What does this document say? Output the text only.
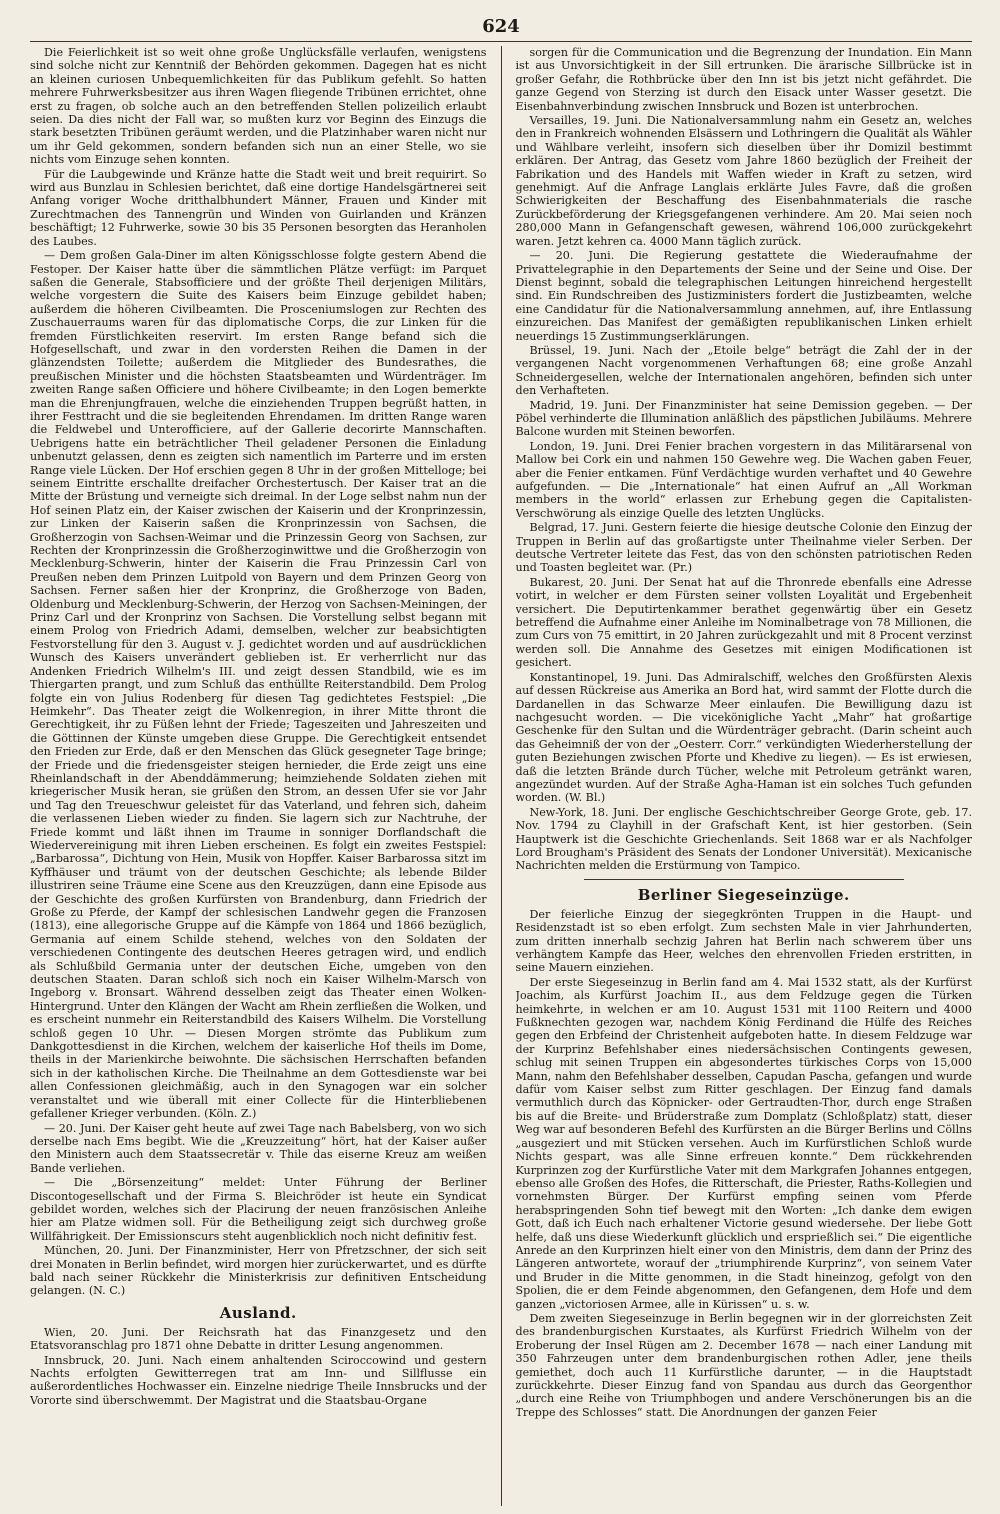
624

Die Feierlichkeit ist so weit ohne große Unglücksfälle verlaufen, wenigstens sind solche nicht zur Kenntniß der Behörden gekommen. Dagegen hat es nicht an kleinen curiosen Unbequemlichkeiten für das Publikum gefehlt. So hatten mehrere Fuhrwerksbesitzer aus ihren Wagen fliegende Tribünen errichtet, ohne erst zu fragen, ob solche auch an den betreffenden Stellen polizeilich erlaubt seien. Da dies nicht der Fall war, so mußten kurz vor Beginn des Einzugs die stark besetzten Tribünen geräumt werden, und die Platzinhaber waren nicht nur um ihr Geld gekommen, sondern befanden sich nun an einer Stelle, wo sie nichts vom Einzuge sehen konnten.

Für die Laubgewinde und Kränze hatte die Stadt weit und breit requirirt. So wird aus Bunzlau in Schlesien berichtet, daß eine dortige Handelsgärtnerei seit Anfang voriger Woche dritthalbhundert Männer, Frauen und Kinder mit Zurechtmachen des Tannengrün und Winden von Guirlanden und Kränzen beschäftigt; 12 Fuhrwerke, sowie 30 bis 35 Personen besorgten das Heranholen des Laubes.

— Dem großen Gala-Diner im alten Königsschlosse folgte gestern Abend die Festoper. Der Kaiser hatte über die sämmtlichen Plätze verfügt: im Parquet saßen die Generale, Stabsofficiere und der größte Theil derjenigen Militärs, welche vorgestern die Suite des Kaisers beim Einzuge gebildet haben; außerdem die höheren Civilbeamten. Die Prosceniumslogen zur Rechten des Zuschauerraums waren für das diplomatische Corps, die zur Linken für die fremden Fürstlichkeiten reservirt. Im ersten Range befand sich die Hofgesellschaft, und zwar in den vordersten Reihen die Damen in der glänzendsten Toilette; außerdem die Mitglieder des Bundesrathes, die preußischen Minister und die höchsten Staatsbeamten und Würdenträger. Im zweiten Range saßen Officiere und höhere Civilbeamte; in den Logen bemerkte man die Ehrenjungfrauen, welche die einziehenden Truppen begrüßt hatten, in ihrer Festtracht und die sie begleitenden Ehrendamen. Im dritten Range waren die Feldwebel und Unterofficiere, auf der Gallerie decorirte Mannschaften. Uebrigens hatte ein beträchtlicher Theil geladener Personen die Einladung unbenutzt gelassen, denn es zeigten sich namentlich im Parterre und im ersten Range viele Lücken. Der Hof erschien gegen 8 Uhr in der großen Mittelloge; bei seinem Eintritte erschallte dreifacher Orchestertusch. Der Kaiser trat an die Mitte der Brüstung und verneigte sich dreimal. In der Loge selbst nahm nun der Hof seinen Platz ein, der Kaiser zwischen der Kaiserin und der Kronprinzessin, zur Linken der Kaiserin saßen die Kronprinzessin von Sachsen, die Großherzogin von Sachsen-Weimar und die Prinzessin Georg von Sachsen, zur Rechten der Kronprinzessin die Großherzoginwittwe und die Großherzogin von Mecklenburg-Schwerin, hinter der Kaiserin die Frau Prinzessin Carl von Preußen neben dem Prinzen Luitpold von Bayern und dem Prinzen Georg von Sachsen. Ferner saßen hier der Kronprinz, die Großherzoge von Baden, Oldenburg und Mecklenburg-Schwerin, der Herzog von Sachsen-Meiningen, der Prinz Carl und der Kronprinz von Sachsen. Die Vorstellung selbst begann mit einem Prolog von Friedrich Adami, demselben, welcher zur beabsichtigten Festvorstellung für den 3. August v. J. gedichtet worden und auf ausdrücklichen Wunsch des Kaisers unverändert geblieben ist. Er verherrlicht nur das Andenken Friedrich Wilhelm's III. und zeigt dessen Standbild, wie es im Thiergarten prangt, und zum Schluß das enthüllte Reiterstandbild. Dem Prolog folgte ein von Julius Rodenberg für diesen Tag gedichtetes Festspiel: „Die Heimkehr“. Das Theater zeigt die Wolkenregion, in ihrer Mitte thront die Gerechtigkeit, ihr zu Füßen lehnt der Friede; Tageszeiten und Jahreszeiten und die Göttinnen der Künste umgeben diese Gruppe. Die Gerechtigkeit entsendet den Frieden zur Erde, daß er den Menschen das Glück gesegneter Tage bringe; der Friede und die friedensgeister steigen hernieder, die Erde zeigt uns eine Rheinlandschaft in der Abenddämmerung; heimziehende Soldaten ziehen mit kriegerischer Musik heran, sie grüßen den Strom, an dessen Ufer sie vor Jahr und Tag den Treueschwur geleistet für das Vaterland, und fehren sich, daheim die verlassenen Lieben wieder zu finden. Sie lagern sich zur Nachtruhe, der Friede kommt und läßt ihnen im Traume in sonniger Dorflandschaft die Wiedervereinigung mit ihren Lieben erscheinen. Es folgt ein zweites Festspiel: „Barbarossa“, Dichtung von Hein, Musik von Hopffer. Kaiser Barbarossa sitzt im Kyffhäuser und träumt von der deutschen Geschichte; als lebende Bilder illustriren seine Träume eine Scene aus den Kreuzzügen, dann eine Episode aus der Geschichte des großen Kurfürsten von Brandenburg, dann Friedrich der Große zu Pferde, der Kampf der schlesischen Landwehr gegen die Franzosen (1813), eine allegorische Gruppe auf die Kämpfe von 1864 und 1866 bezüglich, Germania auf einem Schilde stehend, welches von den Soldaten der verschiedenen Contingente des deutschen Heeres getragen wird, und endlich als Schlußbild Germania unter der deutschen Eiche, umgeben von den deutschen Staaten. Daran schloß sich noch ein Kaiser Wilhelm-Marsch von Ingeborg v. Bronsart. Während desselben zeigt das Theater einen Wolken-Hintergrund. Unter den Klängen der Wacht am Rhein zerfließen die Wolken, und es erscheint nunmehr ein Reiterstandbild des Kaisers Wilhelm. Die Vorstellung schloß gegen 10 Uhr. — Diesen Morgen strömte das Publikum zum Dankgottesdienst in die Kirchen, welchem der kaiserliche Hof theils im Dome, theils in der Marienkirche beiwohnte. Die sächsischen Herrschaften befanden sich in der katholischen Kirche. Die Theilnahme an dem Gottesdienste war bei allen Confessionen gleichmäßig, auch in den Synagogen war ein solcher veranstaltet und wie überall mit einer Collecte für die Hinterbliebenen gefallener Krieger verbunden. (Köln. Z.)

— 20. Juni. Der Kaiser geht heute auf zwei Tage nach Babelsberg, von wo sich derselbe nach Ems begibt. Wie die „Kreuzzeitung“ hört, hat der Kaiser außer den Ministern auch dem Staatssecretär v. Thile das eiserne Kreuz am weißen Bande verliehen.

— Die „Börsenzeitung“ meldet: Unter Führung der Berliner Discontogesellschaft und der Firma S. Bleichröder ist heute ein Syndicat gebildet worden, welches sich der Placirung der neuen französischen Anleihe hier am Platze widmen soll. Für die Betheiligung zeigt sich durchweg große Willfährigkeit. Der Emissionscurs steht augenblicklich noch nicht definitiv fest.

München, 20. Juni. Der Finanzminister, Herr von Pfretzschner, der sich seit drei Monaten in Berlin befindet, wird morgen hier zurückerwartet, und es dürfte bald nach seiner Rückkehr die Ministerkrisis zur definitiven Entscheidung gelangen. (N. C.)

Ausland.

Wien, 20. Juni. Der Reichsrath hat das Finanzgesetz und den Etatsvoranschlag pro 1871 ohne Debatte in dritter Lesung angenommen.

Innsbruck, 20. Juni. Nach einem anhaltenden Sciroccowind und gestern Nachts erfolgten Gewitterregen trat am Inn- und Sillflusse ein außerordentliches Hochwasser ein. Einzelne niedrige Theile Innsbrucks und der Vororte sind überschwemmt. Der Magistrat und die Staatsbau-Organe

sorgen für die Communication und die Begrenzung der Inundation. Ein Mann ist aus Unvorsichtigkeit in der Sill ertrunken. Die ärarische Sillbrücke ist in großer Gefahr, die Rothbrücke über den Inn ist bis jetzt nicht gefährdet. Die ganze Gegend von Sterzing ist durch den Eisack unter Wasser gesetzt. Die Eisenbahnverbindung zwischen Innsbruck und Bozen ist unterbrochen.

Versailles, 19. Juni. Die Nationalversammlung nahm ein Gesetz an, welches den in Frankreich wohnenden Elsässern und Lothringern die Qualität als Wähler und Wählbare verleiht, insofern sich dieselben über ihr Domizil bestimmt erklären. Der Antrag, das Gesetz vom Jahre 1860 bezüglich der Freiheit der Fabrikation und des Handels mit Waffen wieder in Kraft zu setzen, wird genehmigt. Auf die Anfrage Langlais erklärte Jules Favre, daß die großen Schwierigkeiten der Beschaffung des Eisenbahnmaterials die rasche Zurückbeförderung der Kriegsgefangenen verhindere. Am 20. Mai seien noch 280,000 Mann in Gefangenschaft gewesen, während 106,000 zurückgekehrt waren. Jetzt kehren ca. 4000 Mann täglich zurück.

— 20. Juni. Die Regierung gestattete die Wiederaufnahme der Privattelegraphie in den Departements der Seine und der Seine und Oise. Der Dienst beginnt, sobald die telegraphischen Leitungen hinreichend hergestellt sind. Ein Rundschreiben des Justizministers fordert die Justizbeamten, welche eine Candidatur für die Nationalversammlung annehmen, auf, ihre Entlassung einzureichen. Das Manifest der gemäßigten republikanischen Linken erhielt neuerdings 15 Zustimmungserklärungen.

Brüssel, 19. Juni. Nach der „Etoile belge“ beträgt die Zahl der in der vergangenen Nacht vorgenommenen Verhaftungen 68; eine große Anzahl Schneidergesellen, welche der Internationalen angehören, befinden sich unter den Verhafteten.

Madrid, 19. Juni. Der Finanzminister hat seine Demission gegeben. — Der Pöbel verhinderte die Illumination anläßlich des päpstlichen Jubiläums. Mehrere Balcone wurden mit Steinen beworfen.

London, 19. Juni. Drei Fenier brachen vorgestern in das Militärarsenal von Mallow bei Cork ein und nahmen 150 Gewehre weg. Die Wachen gaben Feuer, aber die Fenier entkamen. Fünf Verdächtige wurden verhaftet und 40 Gewehre aufgefunden. — Die „Internationale“ hat einen Aufruf an „All Workman members in the world“ erlassen zur Erhebung gegen die Capitalisten-Verschwörung als einzige Quelle des letzten Unglücks.

Belgrad, 17. Juni. Gestern feierte die hiesige deutsche Colonie den Einzug der Truppen in Berlin auf das großartigste unter Theilnahme vieler Serben. Der deutsche Vertreter leitete das Fest, das von den schönsten patriotischen Reden und Toasten begleitet war. (Pr.)

Bukarest, 20. Juni. Der Senat hat auf die Thronrede ebenfalls eine Adresse votirt, in welcher er dem Fürsten seiner vollsten Loyalität und Ergebenheit versichert. Die Deputirtenkammer berathet gegenwärtig über ein Gesetz betreffend die Aufnahme einer Anleihe im Nominalbetrage von 78 Millionen, die zum Curs von 75 emittirt, in 20 Jahren zurückgezahlt und mit 8 Procent verzinst werden soll. Die Annahme des Gesetzes mit einigen Modificationen ist gesichert.

Konstantinopel, 19. Juni. Das Admiralschiff, welches den Großfürsten Alexis auf dessen Rückreise aus Amerika an Bord hat, wird sammt der Flotte durch die Dardanellen in das Schwarze Meer einlaufen. Die Bewilligung dazu ist nachgesucht worden. — Die vicekönigliche Yacht „Mahr“ hat großartige Geschenke für den Sultan und die Würdenträger gebracht. (Darin scheint auch das Geheimniß der von der „Oesterr. Corr.“ verkündigten Wiederherstellung der guten Beziehungen zwischen Pforte und Khedive zu liegen). — Es ist erwiesen, daß die letzten Brände durch Tücher, welche mit Petroleum getränkt waren, angezündet wurden. Auf der Straße Agha-Haman ist ein solches Tuch gefunden worden. (W. Bl.)

New-York, 18. Juni. Der englische Geschichtschreiber George Grote, geb. 17. Nov. 1794 zu Clayhill in der Grafschaft Kent, ist hier gestorben. (Sein Hauptwerk ist die Geschichte Griechenlands. Seit 1868 war er als Nachfolger Lord Brougham's Präsident des Senats der Londoner Universität). Mexicanische Nachrichten melden die Erstürmung von Tampico.

Berliner Siegeseinzüge.

Der feierliche Einzug der siegegkrönten Truppen in die Haupt- und Residenzstadt ist so eben erfolgt. Zum sechsten Male in vier Jahrhunderten, zum dritten innerhalb sechzig Jahren hat Berlin nach schwerem über uns verhängtem Kampfe das Heer, welches den ehrenvollen Frieden erstritten, in seine Mauern einziehen.

Der erste Siegeseinzug in Berlin fand am 4. Mai 1532 statt, als der Kurfürst Joachim, als Kurfürst Joachim II., aus dem Feldzuge gegen die Türken heimkehrte, in welchen er am 10. August 1531 mit 1100 Reitern und 4000 Fußknechten gezogen war, nachdem König Ferdinand die Hülfe des Reiches gegen den Erbfeind der Christenheit aufgeboten hatte. In diesem Feldzuge war der Kurprinz Befehlshaber eines niedersächsischen Contingents gewesen, schlug mit seinen Truppen ein abgesondertes türkisches Corps von 15,000 Mann, nahm den Befehlshaber desselben, Capudan Pascha, gefangen und wurde dafür vom Kaiser selbst zum Ritter geschlagen. Der Einzug fand damals vermuthlich durch das Köpnicker- oder Gertraudten-Thor, durch enge Straßen bis auf die Breite- und Brüderstraße zum Domplatz (Schloßplatz) statt, dieser Weg war auf besonderen Befehl des Kurfürsten an die Bürger Berlins und Cöllns „ausgeziert und mit Stücken versehen. Auch im Kurfürstlichen Schloß wurde Nichts gespart, was alle Sinne erfreuen konnte.“ Dem rückkehrenden Kurprinzen zog der Kurfürstliche Vater mit dem Markgrafen Johannes entgegen, ebenso alle Großen des Hofes, die Ritterschaft, die Priester, Raths-Kollegien und vornehmsten Bürger. Der Kurfürst empfing seinen vom Pferde herabspringenden Sohn tief bewegt mit den Worten: „Ich danke dem ewigen Gott, daß ich Euch nach erhaltener Victorie gesund wiedersehe. Der liebe Gott helfe, daß uns diese Wiederkunft glücklich und ersprießlich sei.“ Die eigentliche Anrede an den Kurprinzen hielt einer von den Ministris, dem dann der Prinz des Längeren antwortete, worauf der „triumphirende Kurprinz“, von seinem Vater und Bruder in die Mitte genommen, in die Stadt hineinzog, gefolgt von den Spolien, die er dem Feinde abgenommen, den Gefangenen, dem Hofe und dem ganzen „victoriosen Armee, alle in Kürissen“ u. s. w.

Dem zweiten Siegeseinzuge in Berlin begegnen wir in der glorreichsten Zeit des brandenburgischen Kurstaates, als Kurfürst Friedrich Wilhelm von der Eroberung der Insel Rügen am 2. December 1678 — nach einer Landung mit 350 Fahrzeugen unter dem brandenburgischen rothen Adler, jene theils gemiethet, doch auch 11 Kurfürstliche darunter, — in die Hauptstadt zurückkehrte. Dieser Einzug fand von Spandau aus durch das Georgenthor „durch eine Reihe von Triumphbogen und andere Verschönerungen bis an die Treppe des Schlosses“ statt. Die Anordnungen der ganzen Feier
